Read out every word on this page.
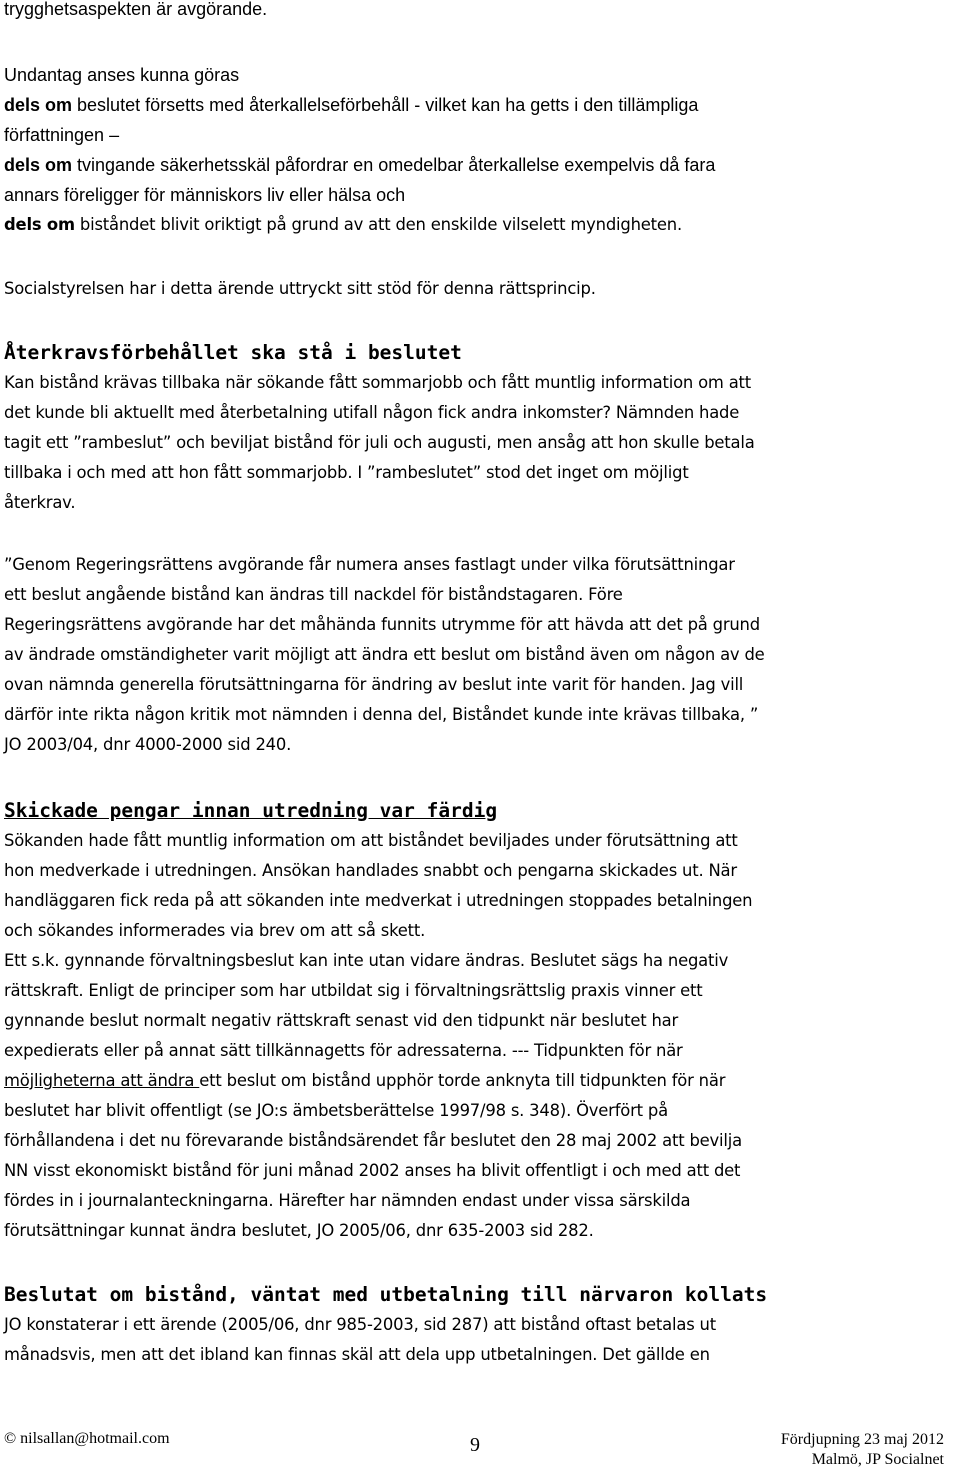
trygghetsaspekten är avgörande.
Undantag anses kunna göras
dels om beslutet försetts med återkallelseförbehåll - vilket kan ha getts i den tillämpliga
författningen –
dels om tvingande säkerhetsskäl påfordrar en omedelbar återkallelse exempelvis då fara
annars föreligger för människors liv eller hälsa och
dels om biståndet blivit oriktigt på grund av att den enskilde vilselett myndigheten.
Socialstyrelsen har i detta ärende uttryckt sitt stöd för denna rättsprincip.
Återkravsförbehållet ska stå i beslutet
Kan bistånd krävas tillbaka när sökande fått sommarjobb och fått muntlig information om att
det kunde bli aktuellt med återbetalning utifall någon fick andra inkomster? Nämnden hade
tagit ett ”rambeslut” och beviljat bistånd för juli och augusti, men ansåg att hon skulle betala
tillbaka i och med att hon fått sommarjobb. I ”rambeslutet” stod det inget om möjligt
återkrav.
”Genom Regeringsrättens avgörande får numera anses fastlagt under vilka förutsättningar
ett beslut angående bistånd kan ändras till nackdel för biståndstagaren. Före
Regeringsrättens avgörande har det måhända funnits utrymme för att hävda att det på grund
av ändrade omständigheter varit möjligt att ändra ett beslut om bistånd även om någon av de
ovan nämnda generella förutsättningarna för ändring av beslut inte varit för handen. Jag vill
därför inte rikta någon kritik mot nämnden i denna del, Biståndet kunde inte krävas tillbaka, ”
JO 2003/04, dnr 4000-2000 sid 240.
Skickade pengar innan utredning var färdig
Sökanden hade fått muntlig information om att biståndet beviljades under förutsättning att
hon medverkade i utredningen. Ansökan handlades snabbt och pengarna skickades ut. När
handläggaren fick reda på att sökanden inte medverkat i utredningen stoppades betalningen
och sökandes informerades via brev om att så skett.
Ett s.k. gynnande förvaltningsbeslut kan inte utan vidare ändras. Beslutet sägs ha negativ
rättskraft. Enligt de principer som har utbildat sig i förvaltningsrättslig praxis vinner ett
gynnande beslut normalt negativ rättskraft senast vid den tidpunkt när beslutet har
expedierats eller på annat sätt tillkännagetts för adressaterna. --- Tidpunkten för när
möjligheterna att ändra ett beslut om bistånd upphör torde anknyta till tidpunkten för när
beslutet har blivit offentligt (se JO:s ämbetsberättelse 1997/98 s. 348). Överfört på
förhållandena i det nu förevarande biståndsärendet får beslutet den 28 maj 2002 att bevilja
NN visst ekonomiskt bistånd för juni månad 2002 anses ha blivit offentligt i och med att det
fördes in i journalanteckningarna. Härefter har nämnden endast under vissa särskilda
förutsättningar kunnat ändra beslutet, JO 2005/06, dnr 635-2003 sid 282.
Beslutat om bistånd, väntat med utbetalning till närvaron kollats
JO konstaterar i ett ärende (2005/06, dnr 985-2003, sid 287) att bistånd oftast betalas ut
månadsvis, men att det ibland kan finnas skäl att dela upp utbetalningen. Det gällde en
© nilsallan@hotmail.com	9	Fördjupning 23 maj 2012
Malmö, JP Socialnet
